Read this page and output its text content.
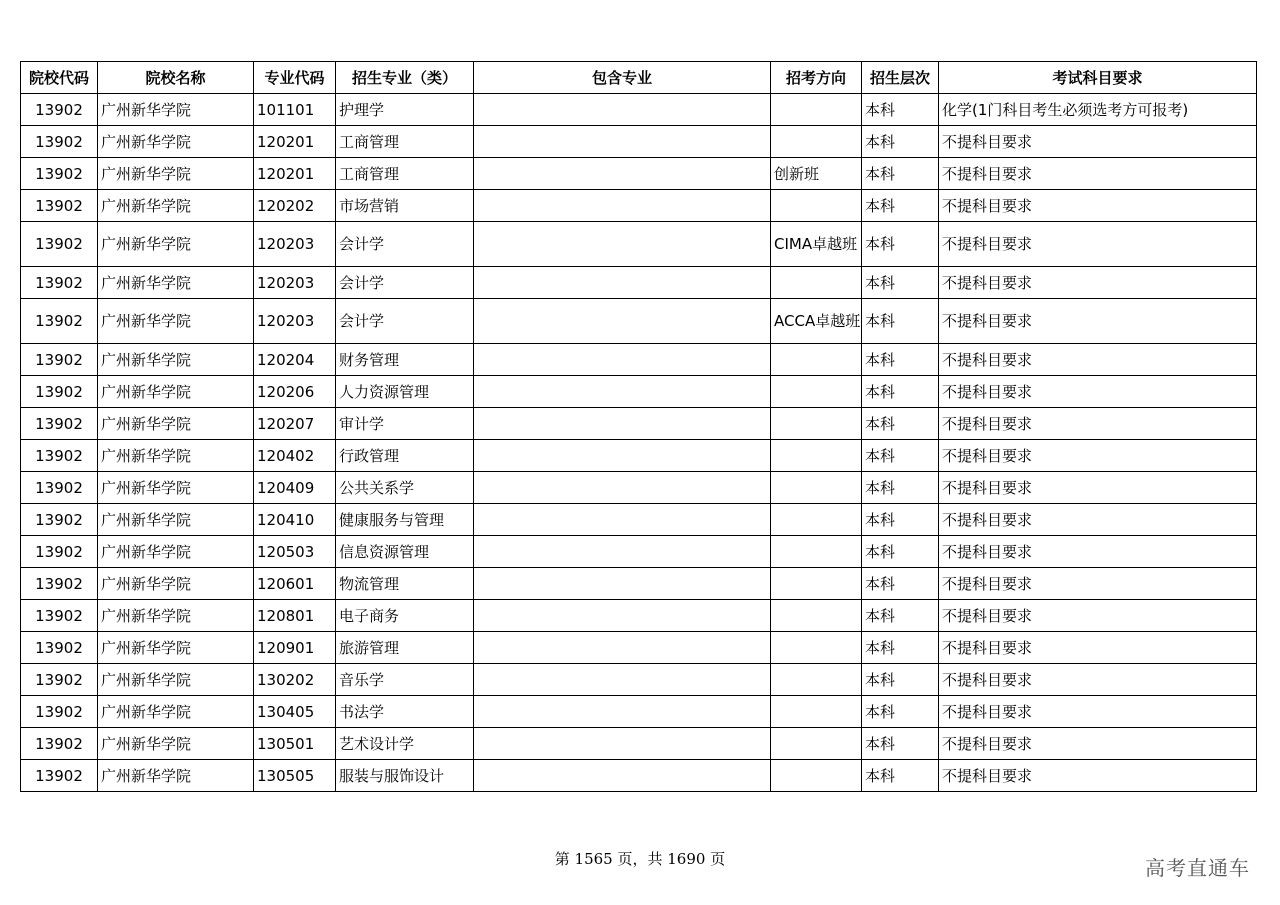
院校代码	院校名称	专业代码	招生专业（类）	包含专业	招考方向	招生层次	考试科目要求
13902	广州新华学院	101101	护理学			本科	化学(1门科目考生必须选考方可报考)
13902	广州新华学院	120201	工商管理			本科	不提科目要求
13902	广州新华学院	120201	工商管理		创新班	本科	不提科目要求
13902	广州新华学院	120202	市场营销			本科	不提科目要求
13902	广州新华学院	120203	会计学		CIMA卓越班	本科	不提科目要求
13902	广州新华学院	120203	会计学			本科	不提科目要求
13902	广州新华学院	120203	会计学		ACCA卓越班	本科	不提科目要求
13902	广州新华学院	120204	财务管理			本科	不提科目要求
13902	广州新华学院	120206	人力资源管理			本科	不提科目要求
13902	广州新华学院	120207	审计学			本科	不提科目要求
13902	广州新华学院	120402	行政管理			本科	不提科目要求
13902	广州新华学院	120409	公共关系学			本科	不提科目要求
13902	广州新华学院	120410	健康服务与管理			本科	不提科目要求
13902	广州新华学院	120503	信息资源管理			本科	不提科目要求
13902	广州新华学院	120601	物流管理			本科	不提科目要求
13902	广州新华学院	120801	电子商务			本科	不提科目要求
13902	广州新华学院	120901	旅游管理			本科	不提科目要求
13902	广州新华学院	130202	音乐学			本科	不提科目要求
13902	广州新华学院	130405	书法学			本科	不提科目要求
13902	广州新华学院	130501	艺术设计学			本科	不提科目要求
13902	广州新华学院	130505	服装与服饰设计			本科	不提科目要求
第 1565 页，共 1690 页	高考直通车
